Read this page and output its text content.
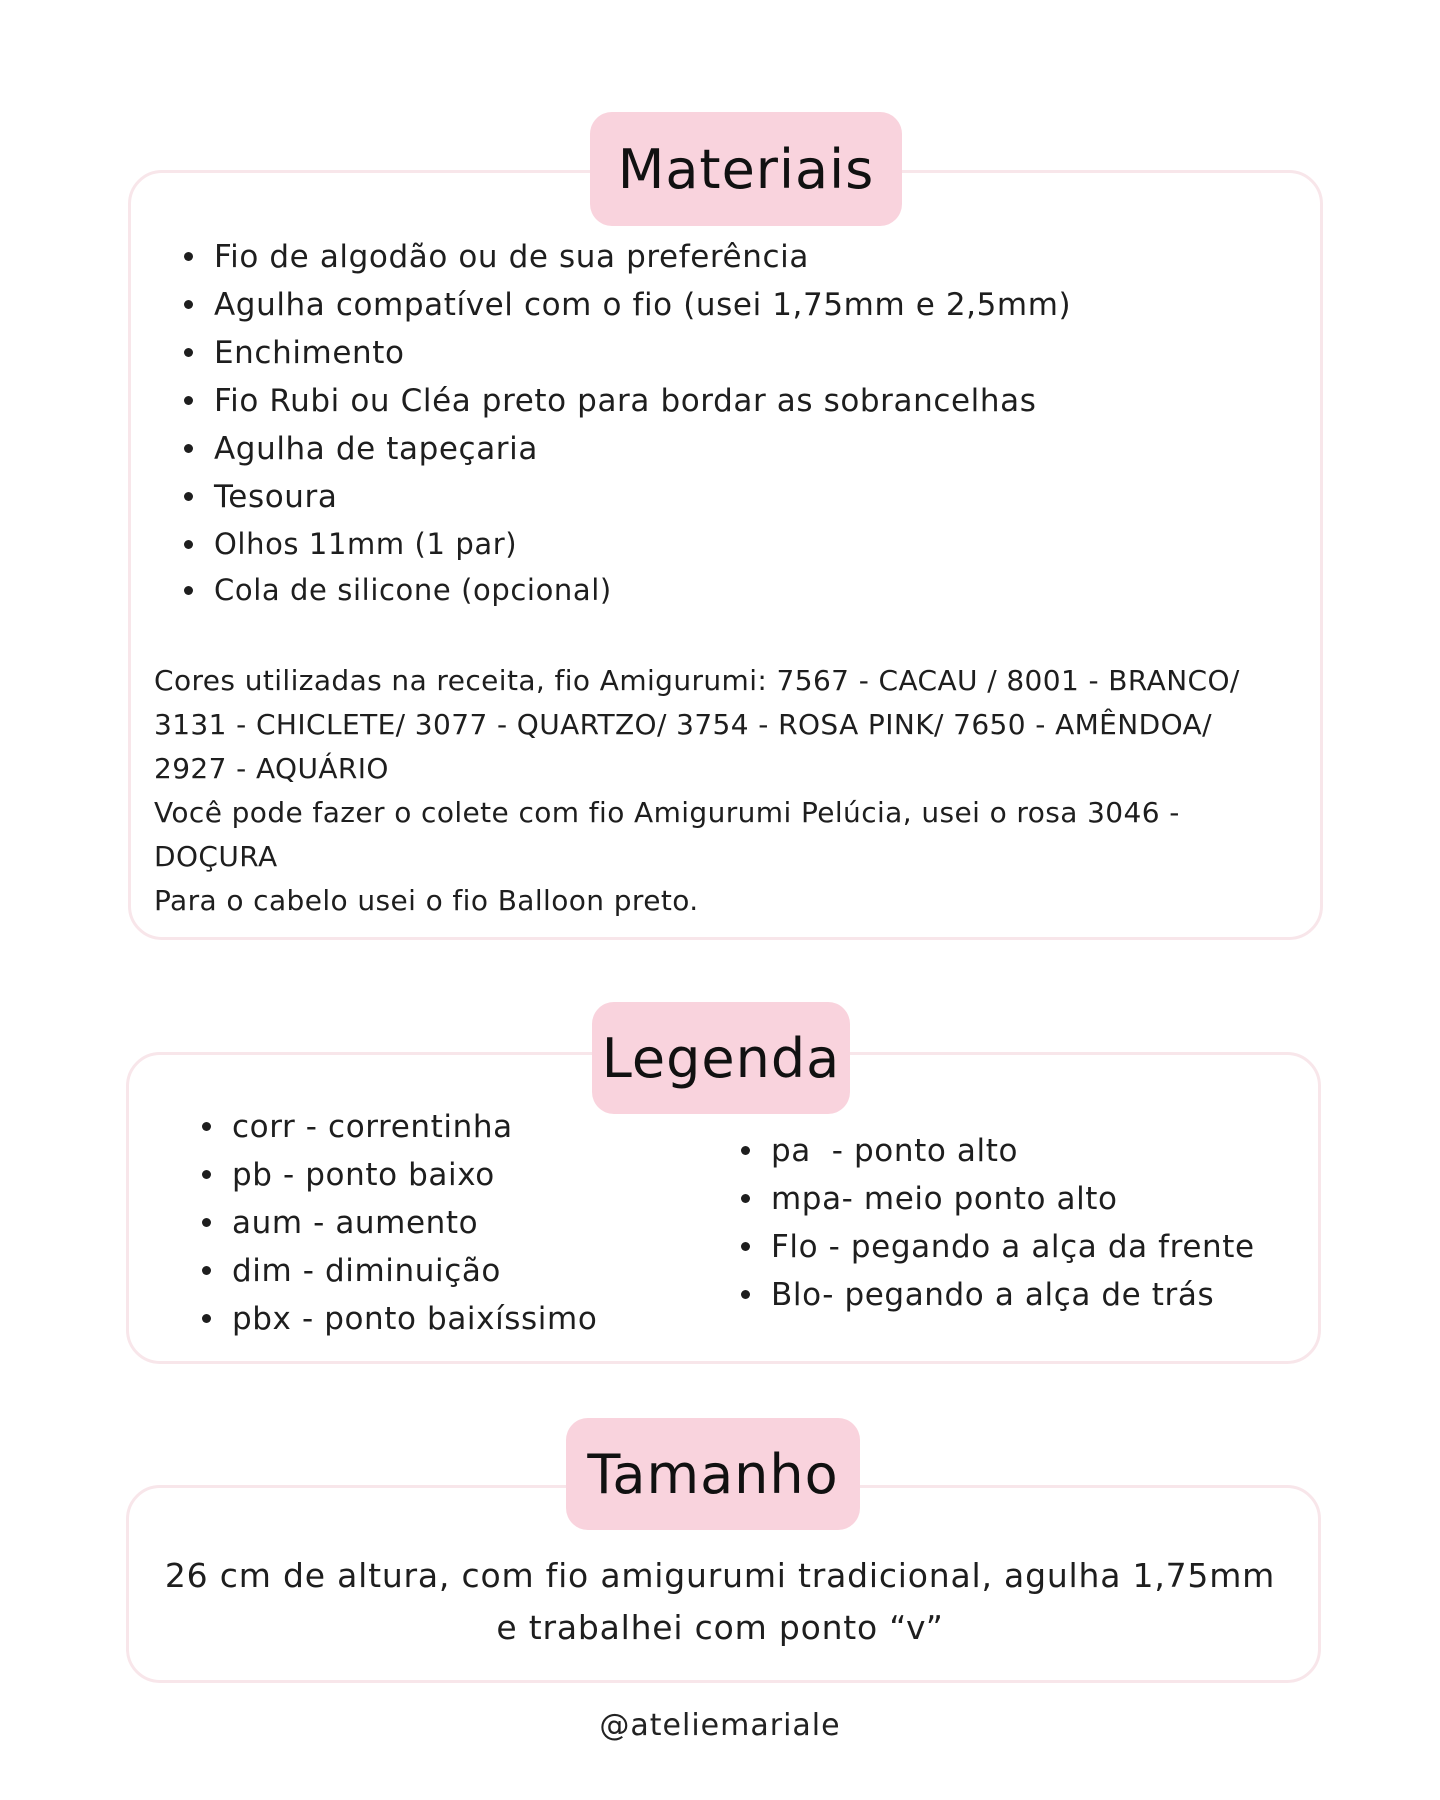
Materiais
Fio de algodão ou de sua preferência
Agulha compatível com o fio (usei 1,75mm e 2,5mm)
Enchimento
Fio Rubi ou Cléa preto para bordar as sobrancelhas
Agulha de tapeçaria
Tesoura
Olhos 11mm (1 par)
Cola de silicone (opcional)

Cores utilizadas na receita, fio Amigurumi: 7567 - CACAU / 8001 - BRANCO/ 3131 - CHICLETE/ 3077 - QUARTZO/ 3754 - ROSA PINK/ 7650 - AMÊNDOA/ 2927 - AQUÁRIO

Você pode fazer o colete com fio Amigurumi Pelúcia, usei o rosa 3046 - DOÇURA

Para o cabelo usei o fio Balloon preto.

Legenda
corr - correntinha
pb - ponto baixo
aum - aumento
dim - diminuição
pbx - ponto baixíssimo
pa  - ponto alto
mpa- meio ponto alto
Flo - pegando a alça da frente
Blo- pegando a alça de trás
Tamanho

26 cm de altura, com fio amigurumi tradicional, agulha 1,75mm

e trabalhei com ponto “v”

@ateliemariale
